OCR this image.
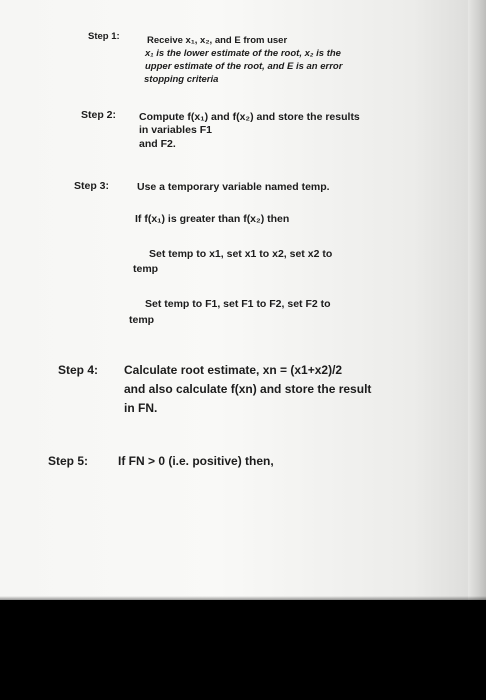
Step 1:	Receive x₁, x₂, and E from user
x₁ is the lower estimate of the root, x₂ is the
upper estimate of the root, and E is an error
stopping criteria
Step 2: Compute f(x₁) and f(x₂) and store the results
in variables F1
and F2.
Step 3:	Use a temporary variable named temp.
If f(x₁) is greater than f(x₂) then
Set temp to x1, set x1 to x2, set x2 to
temp
Set temp to F1, set F1 to F2, set F2 to
temp
Step 4: Calculate root estimate, xn = (x1+x2)/2
and also calculate f(xn) and store the result
in FN.
Step 5: If FN > 0 (i.e. positive) then,
